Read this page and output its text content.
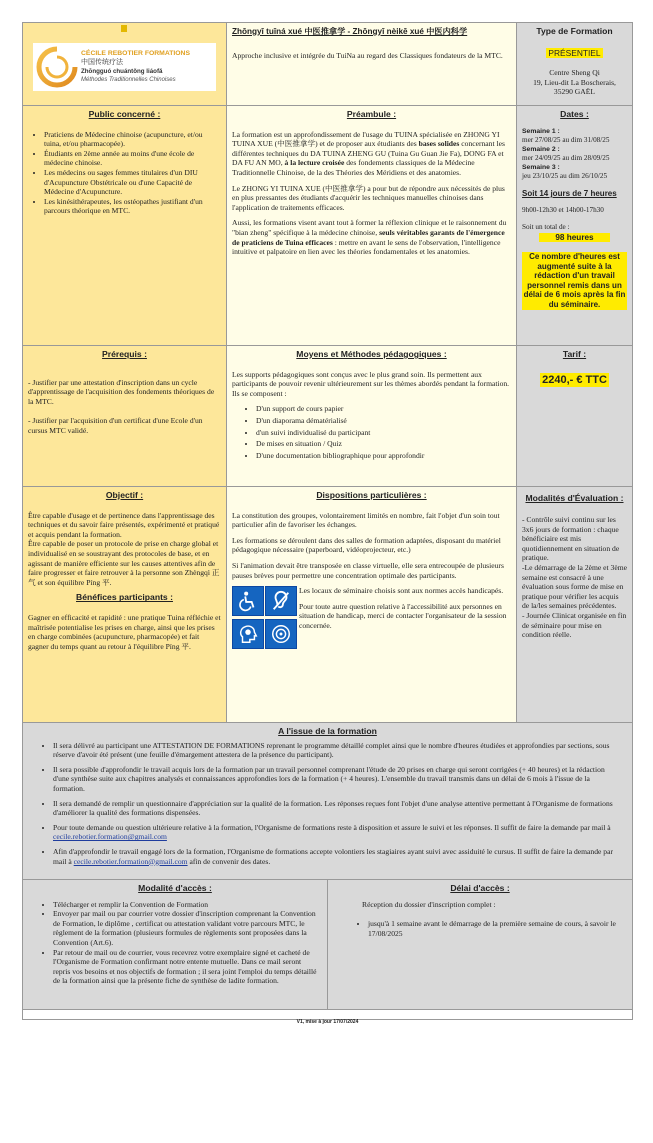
CÉCILE REBOTIER FORMATIONS
中国传统疗法
Zhōngguó chuántǒng liáofǎ
Méthodes Traditionnelles Chinoises
Zhōngyī tuīná xué 中医推拿学 - Zhōngyī nèikē xué 中医内科学

Approche inclusive et intégrée du TuiNa au regard des Classiques fondateurs de la MTC.

Type de Formation
PRÉSENTIEL
Centre Sheng Qi
19, Lieu-dit La Boscherais,
35290 GAËL
Public concerné :
• Praticiens de Médecine chinoise (acupuncture, et/ou tuina, et/ou pharmacopée).
• Étudiants en 2ème année au moins d'une école de médecine chinoise.
• Les médecins ou sages femmes titulaires d'un DIU d'Acupuncture Obstétricale ou d'une Capacité de Médecine d'Acupuncture.
• Les kinésithérapeutes, les ostéopathes justifiant d'un parcours théorique en MTC.
Préambule :

La formation est un approfondissement de l'usage du TUINA spécialisée en ZHONG YI TUINA XUE (中医推拿学) et de proposer aux étudiants des bases solides concernant les différentes techniques du DA TUINA ZHENG GU (Tuina Gu Guan Jie Fa), DONG FA et DA FU AN MO, à la lecture croisée des fondements classiques de la Médecine Traditionnelle Chinoise, de la des Théories des Méridiens et des anatomies.

Le ZHONG YI TUINA XUE (中医推拿学) a pour but de répondre aux nécessités de plus en plus pressantes des étudiants d'acquérir les techniques manuelles chinoises dans l'application de traitements efficaces.

Aussi, les formations visent avant tout à former la réflexion clinique et le raisonnement du "bian zheng" spécifique à la médecine chinoise, seuls véritables garants de l'émergence de praticiens de Tuina efficaces : mettre en avant le sens de l'observation, l'intelligence intuitive et palpatoire en lien avec les théories fondamentales et les anatomies.

Dates :
Semaine 1 :
mer 27/08/25 au dim 31/08/25
Semaine 2 :
mer 24/09/25 au dim 28/09/25
Semaine 3 :
jeu 23/10/25 au dim 26/10/25
Soit 14 jours de 7 heures
9h00-12h30 et 14h00-17h30
Soit un total de :
98 heures
Ce nombre d'heures est augmenté suite à la rédaction d'un travail personnel remis dans un délai de 6 mois après la fin du séminaire.
Prérequis :

- Justifier par une attestation d'inscription dans un cycle d'apprentissage de l'acquisition des fondements théoriques de la MTC.

- Justifier par l'acquisition d'un certificat d'une Ecole d'un cursus MTC validé.

Moyens et Méthodes pédagogiques :

Les supports pédagogiques sont conçus avec le plus grand soin. Ils permettent aux participants de pouvoir revenir ultérieurement sur les thèmes abordés pendant la formation. Ils se composent :

• D'un support de cours papier
• D'un diaporama dématérialisé
• d'un suivi individualisé du participant
• De mises en situation / Quiz
• D'une documentation bibliographique pour approfondir
Tarif :
2240,- € TTC
Objectif :

Être capable d'usage et de pertinence dans l'apprentissage des techniques et du savoir faire présentés, expérimenté et pratiqué et acquis pendant la formation.

Être capable de poser un protocole de prise en charge global et individualisé en se soustrayant des protocoles de base, et en agissant de manière efficiente sur les causes attentives afin de faire progresser et faire retrouver à la personne son Zhèngqì 正气 et son équilibre Píng 平.

Bénéfices participants :

Gagner en efficacité et rapidité : une pratique Tuina réfléchie et maîtrisée potentialise les prises en charge, ainsi que les prises en charge combinées (acupuncture, pharmacopée) et fait gagner du temps quant au retour à l'équilibre Píng 平.

Dispositions particulières :

La constitution des groupes, volontairement limités en nombre, fait l'objet d'un soin tout particulier afin de favoriser les échanges.

Les formations se déroulent dans des salles de formation adaptées, disposant du matériel pédagogique nécessaire (paperboard, vidéoprojecteur, etc.)

Si l'animation devait être transposée en classe virtuelle, elle sera entrecoupée de plusieurs pauses brèves pour permettre une concentration optimale des participants.

Les locaux de séminaire choisis sont aux normes accès handicapés.

Pour toute autre question relative à l'accessibilité aux personnes en situation de handicap, merci de contacter l'organisateur de la session concernée.

Modalités d'Évaluation :
- Contrôle suivi continu sur les 3x6 jours de formation : chaque bénéficiaire est mis quotidiennement en situation de pratique.
-Le démarrage de la 2ème et 3ème semaine est consacré à une évaluation sous forme de mise en pratique pour vérifier les acquis de la/les semaines précédentes.
- Journée Clinicat organisée en fin de séminaire pour mise en condition réelle.
A l'issue de la formation
• Il sera délivré au participant une ATTESTATION DE FORMATIONS reprenant le programme détaillé complet ainsi que le nombre d'heures étudiées et approfondies par sections, sous réserve d'avoir été présent (une feuille d'émargement attestera de la présence du participant).
• Il sera possible d'approfondir le travail acquis lors de la formation par un travail personnel comprenant l'étude de 20 prises en charge qui seront corrigées (+ 40 heures) et la rédaction d'une synthèse suite aux chapitres analysés et connaissances approfondies lors de la formation (+ 4 heures). L'ensemble du travail transmis dans un délai de 6 mois à l'issue de la formation.
• Il sera demandé de remplir un questionnaire d'appréciation sur la qualité de la formation. Les réponses reçues font l'objet d'une analyse attentive permettant à l'Organisme de formations d'améliorer la qualité des formations dispensées.
• Pour toute demande ou question ultérieure relative à la formation, l'Organisme de formations reste à disposition et assure le suivi et les réponses. Il suffit de faire la demande par mail à cecile.rebotier.formation@gmail.com
• Afin d'approfondir le travail engagé lors de la formation, l'Organisme de formations accepte volontiers les stagiaires ayant suivi avec assiduité le cursus. Il suffit de faire la demande par mail à cecile.rebotier.formation@gmail.com afin de convenir des dates.
Modalité d'accès :
• Télécharger et remplir la Convention de Formation
• Envoyer par mail ou par courrier votre dossier d'inscription comprenant la Convention de Formation, le diplôme , certificat ou attestation validant votre parcours MTC, le règlement de la formation (plusieurs formules de règlements sont proposées dans la Convention (Art.6).
• Par retour de mail ou de courrier, vous recevrez votre exemplaire signé et cacheté de l'Organisme de Formation confirmant notre entente mutuelle. Dans ce mail seront repris vos besoins et nos objectifs de formation ; il sera joint l'emploi du temps détaillé de la formation ainsi que la présente fiche de synthèse de ladite formation.
Délai d'accès :

Réception du dossier d'inscription complet :

• jusqu'à 1 semaine avant le démarrage de la première semaine de cours, à savoir le 17/08/2025
V1, mise à jour 17/07/2024
